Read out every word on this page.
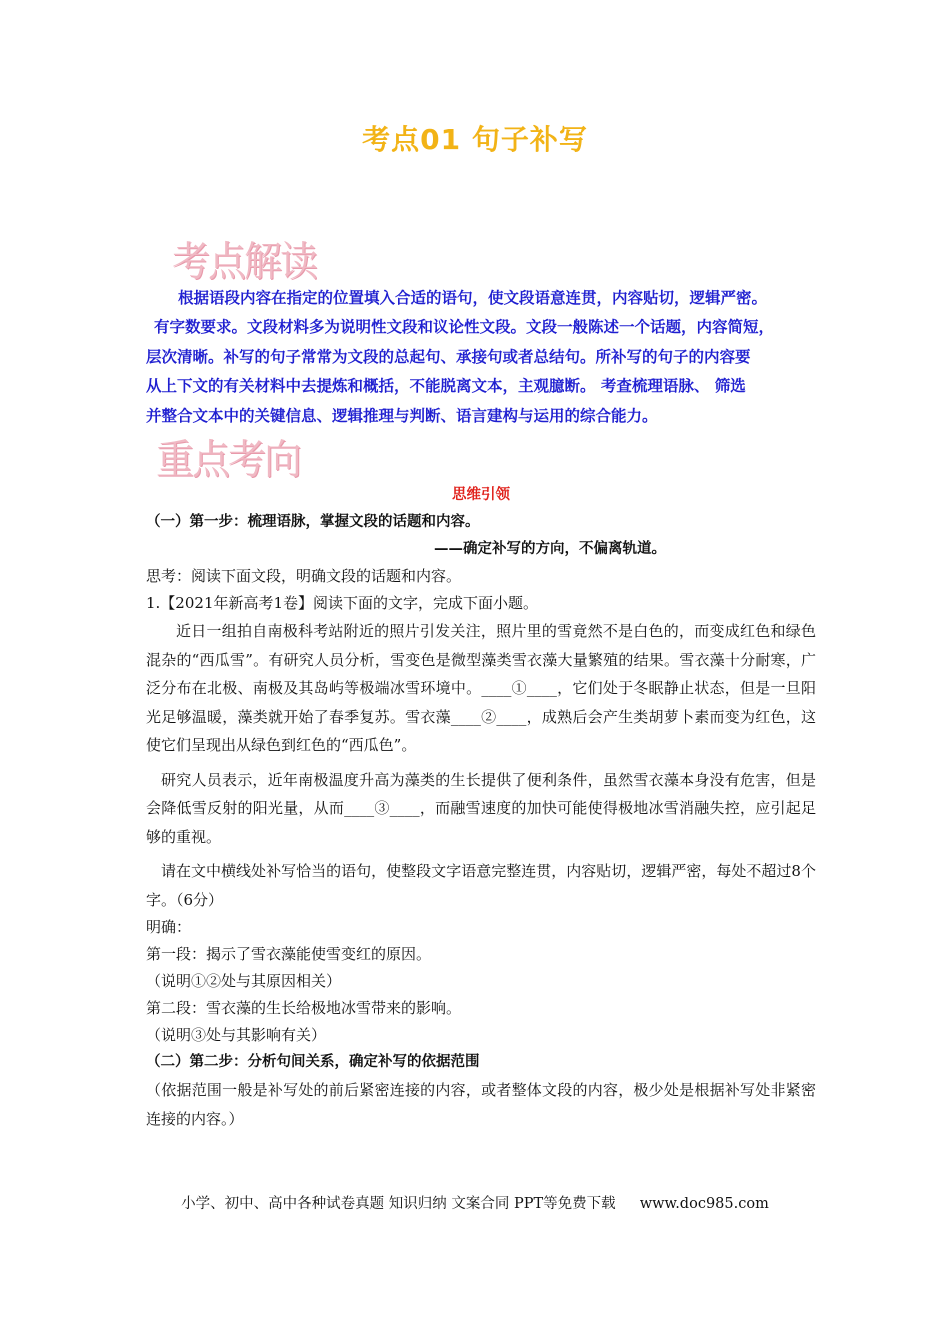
考点01 句子补写
考点解读

根据语段内容在指定的位置填入合适的语句，使文段语意连贯，内容贴切，逻辑严密。

有字数要求。文段材料多为说明性文段和议论性文段。文段一般陈述一个话题，内容简短，

层次清晰。补写的句子常常为文段的总起句、承接句或者总结句。所补写的句子的内容要

从上下文的有关材料中去提炼和概括，不能脱离文本，主观臆断。 考查梳理语脉、 筛选

并整合文本中的关键信息、逻辑推理与判断、语言建构与运用的综合能力。

重点考向

思维引领

（一）第一步：梳理语脉，掌握文段的话题和内容。

——确定补写的方向，不偏离轨道。

思考：阅读下面文段，明确文段的话题和内容。

1.【2021年新高考1卷】阅读下面的文字，完成下面小题。

近日一组拍自南极科考站附近的照片引发关注，照片里的雪竟然不是白色的，而变成红色和绿色混杂的“西瓜雪”。有研究人员分析，雪变色是微型藻类雪衣藻大量繁殖的结果。雪衣藻十分耐寒，广泛分布在北极、南极及其岛屿等极端冰雪环境中。____①____，它们处于冬眠静止状态，但是一旦阳光足够温暖，藻类就开始了春季复苏。雪衣藻____②____，成熟后会产生类胡萝卜素而变为红色，这使它们呈现出从绿色到红色的“西瓜色”。

研究人员表示，近年南极温度升高为藻类的生长提供了便利条件，虽然雪衣藻本身没有危害，但是会降低雪反射的阳光量，从而____③____，而融雪速度的加快可能使得极地冰雪消融失控，应引起足够的重视。

请在文中横线处补写恰当的语句，使整段文字语意完整连贯，内容贴切，逻辑严密，每处不超过8个字。（6分）

明确：

第一段：揭示了雪衣藻能使雪变红的原因。

（说明①②处与其原因相关）

第二段：雪衣藻的生长给极地冰雪带来的影响。

（说明③处与其影响有关）

（二）第二步：分析句间关系，确定补写的依据范围

（依据范围一般是补写处的前后紧密连接的内容，或者整体文段的内容，极少处是根据补写处非紧密连接的内容。）

小学、初中、高中各种试卷真题 知识归纳 文案合同 PPT等免费下载 www.doc985.com
